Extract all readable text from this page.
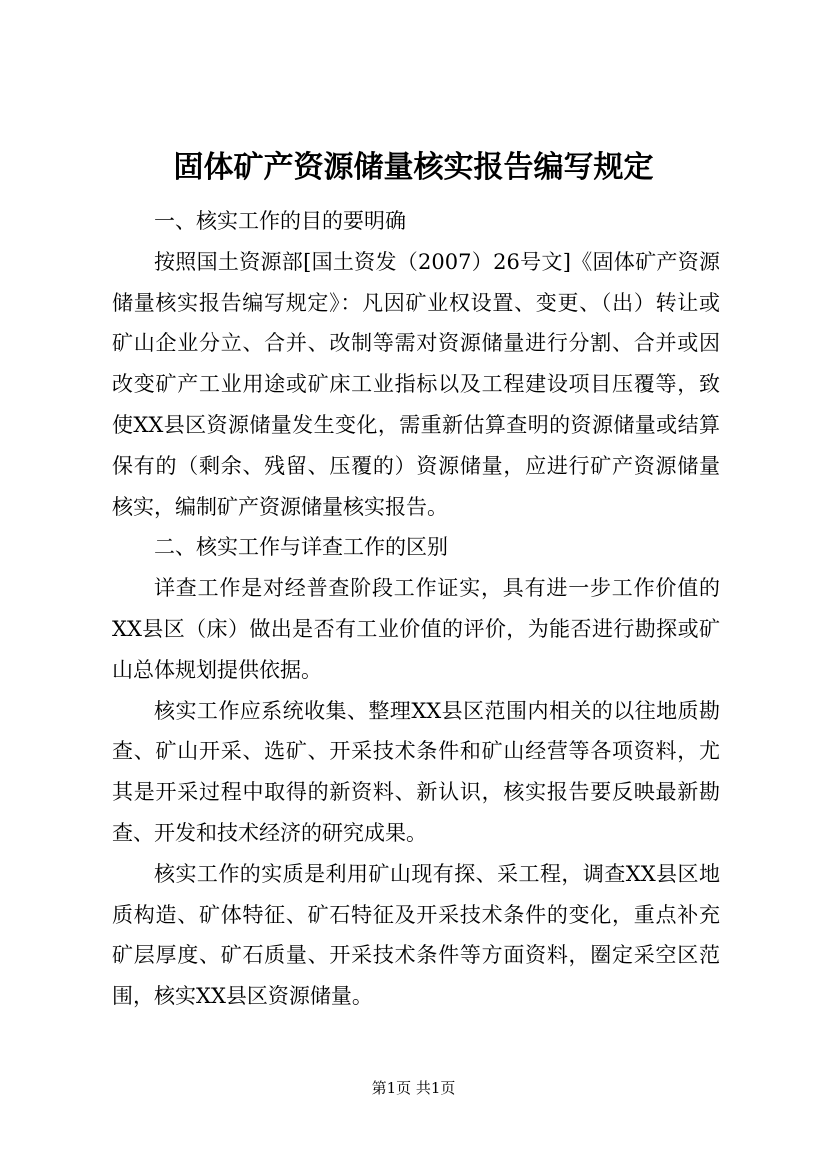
固体矿产资源储量核实报告编写规定

一、核实工作的目的要明确

按照国土资源部[国土资发（2007）26号文]《固体矿产资源储量核实报告编写规定》：凡因矿业权设置、变更、（出）转让或矿山企业分立、合并、改制等需对资源储量进行分割、合并或因改变矿产工业用途或矿床工业指标以及工程建设项目压覆等，致使XX县区资源储量发生变化，需重新估算查明的资源储量或结算保有的（剩余、残留、压覆的）资源储量，应进行矿产资源储量核实，编制矿产资源储量核实报告。

二、核实工作与详查工作的区别

详查工作是对经普查阶段工作证实，具有进一步工作价值的XX县区（床）做出是否有工业价值的评价，为能否进行勘探或矿山总体规划提供依据。

核实工作应系统收集、整理XX县区范围内相关的以往地质勘查、矿山开采、选矿、开采技术条件和矿山经营等各项资料，尤其是开采过程中取得的新资料、新认识，核实报告要反映最新勘查、开发和技术经济的研究成果。

核实工作的实质是利用矿山现有探、采工程，调查XX县区地质构造、矿体特征、矿石特征及开采技术条件的变化，重点补充矿层厚度、矿石质量、开采技术条件等方面资料，圈定采空区范围，核实XX县区资源储量。

第1页 共1页
